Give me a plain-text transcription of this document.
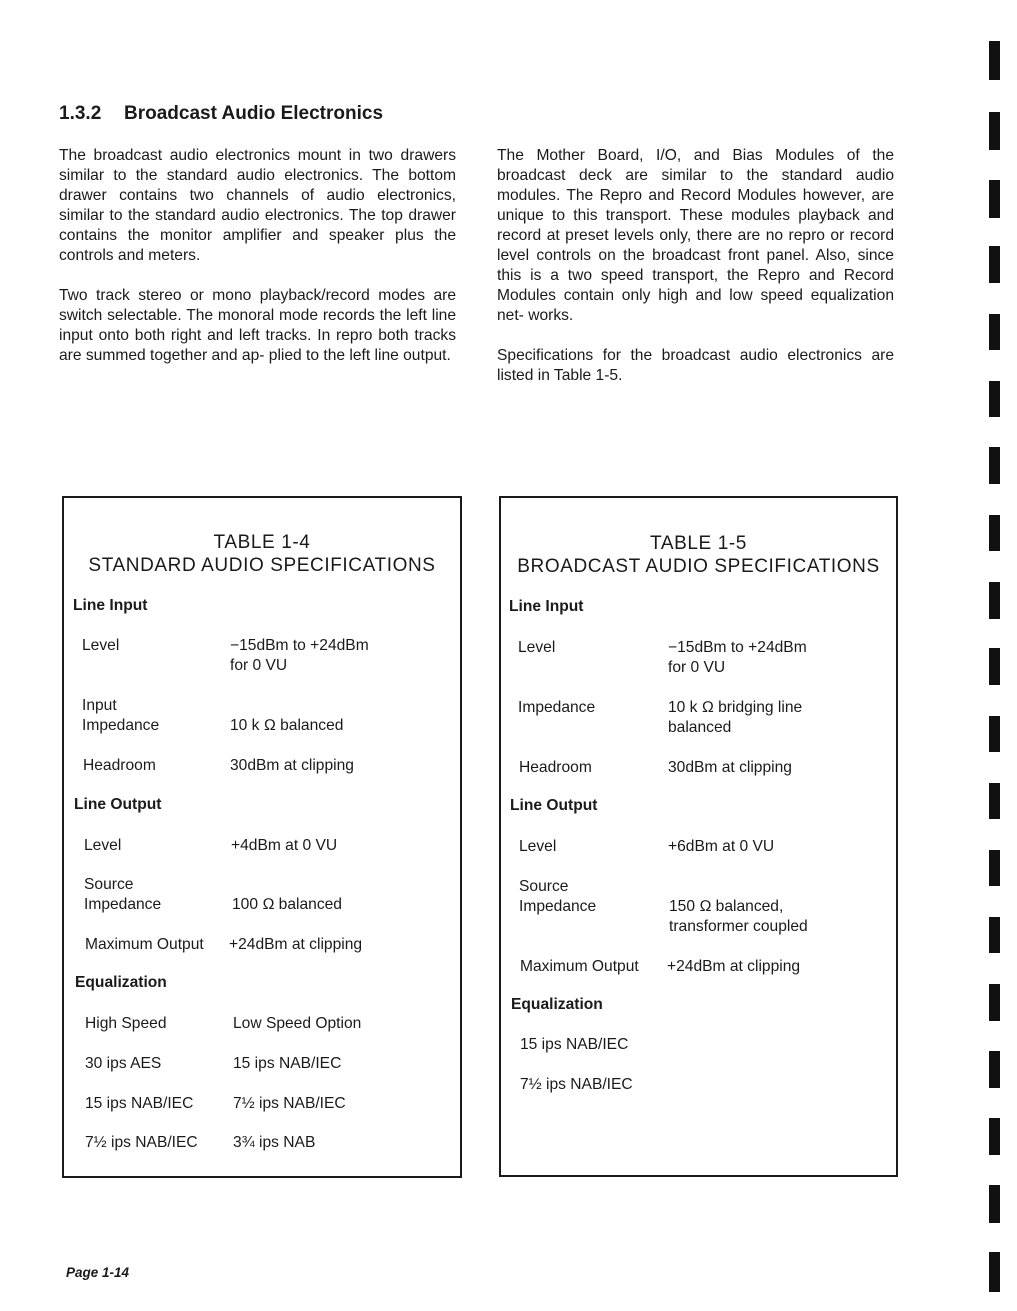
1.3.2 Broadcast Audio Electronics

The broadcast audio electronics mount in two drawers similar to the standard audio electronics. The bottom drawer contains two channels of audio electronics, similar to the standard audio electronics. The top drawer contains the monitor amplifier and speaker plus the controls and meters.

Two track stereo or mono playback/record modes are switch selectable. The monoral mode records the left line input onto both right and left tracks. In repro both tracks are summed together and ap- plied to the left line output.

The Mother Board, I/O, and Bias Modules of the broadcast deck are similar to the standard audio modules. The Repro and Record Modules however, are unique to this transport. These modules playback and record at preset levels only, there are no repro or record level controls on the broadcast front panel. Also, since this is a two speed transport, the Repro and Record Modules contain only high and low speed equalization net- works.

Specifications for the broadcast audio electronics are listed in Table 1-5.

TABLE 1-4
STANDARD AUDIO SPECIFICATIONS
Line Input
Level	−15dBm to +24dBm
for 0 VU
Input
Impedance	10 k Ω balanced
Headroom	30dBm at clipping
Line Output
Level	+4dBm at 0 VU
Source
Impedance	100 Ω balanced
Maximum Output +24dBm at clipping
Equalization
High Speed	Low Speed Option
30 ips AES	15 ips NAB/IEC
15 ips NAB/IEC	7½ ips NAB/IEC
7½ ips NAB/IEC 3¾ ips NAB
TABLE 1-5
BROADCAST AUDIO SPECIFICATIONS
Line Input
Level	−15dBm to +24dBm
for 0 VU
Impedance	10 k Ω bridging line
balanced
Headroom	30dBm at clipping
Line Output
Level	+6dBm at 0 VU
Source
Impedance	150 Ω balanced,
transformer coupled
Maximum Output +24dBm at clipping
Equalization
15 ips NAB/IEC
7½ ips NAB/IEC
Page 1-14
